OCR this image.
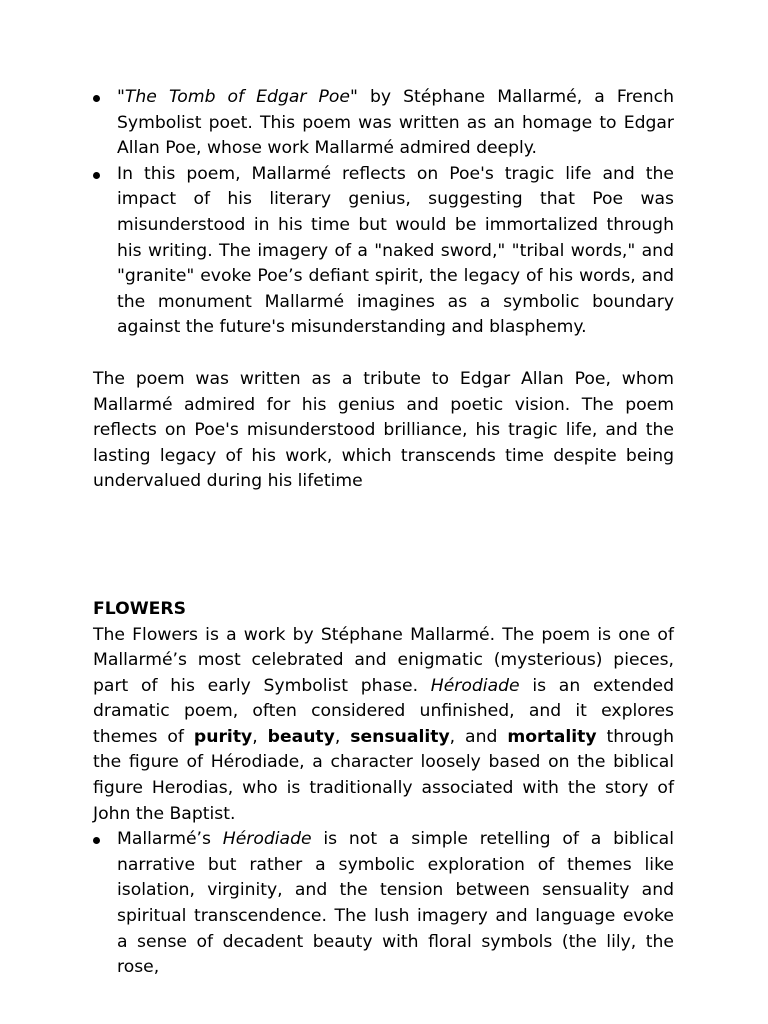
"The Tomb of Edgar Poe" by Stéphane Mallarmé, a French Symbolist poet. This poem was written as an homage to Edgar Allan Poe, whose work Mallarmé admired deeply.
In this poem, Mallarmé reflects on Poe's tragic life and the impact of his literary genius, suggesting that Poe was misunderstood in his time but would be immortalized through his writing. The imagery of a "naked sword," "tribal words," and "granite" evoke Poe’s defiant spirit, the legacy of his words, and the monument Mallarmé imagines as a symbolic boundary against the future's misunderstanding and blasphemy.

The poem was written as a tribute to Edgar Allan Poe, whom Mallarmé admired for his genius and poetic vision. The poem reflects on Poe's misunderstood brilliance, his tragic life, and the lasting legacy of his work, which transcends time despite being undervalued during his lifetime

FLOWERS

The Flowers is a work by Stéphane Mallarmé. The poem is one of Mallarmé’s most celebrated and enigmatic (mysterious) pieces, part of his early Symbolist phase. Hérodiade is an extended dramatic poem, often considered unfinished, and it explores themes of purity, beauty, sensuality, and mortality through the figure of Hérodiade, a character loosely based on the biblical figure Herodias, who is traditionally associated with the story of John the Baptist.

Mallarmé’s Hérodiade is not a simple retelling of a biblical narrative but rather a symbolic exploration of themes like isolation, virginity, and the tension between sensuality and spiritual transcendence. The lush imagery and language evoke a sense of decadent beauty with floral symbols (the lily, the rose,
